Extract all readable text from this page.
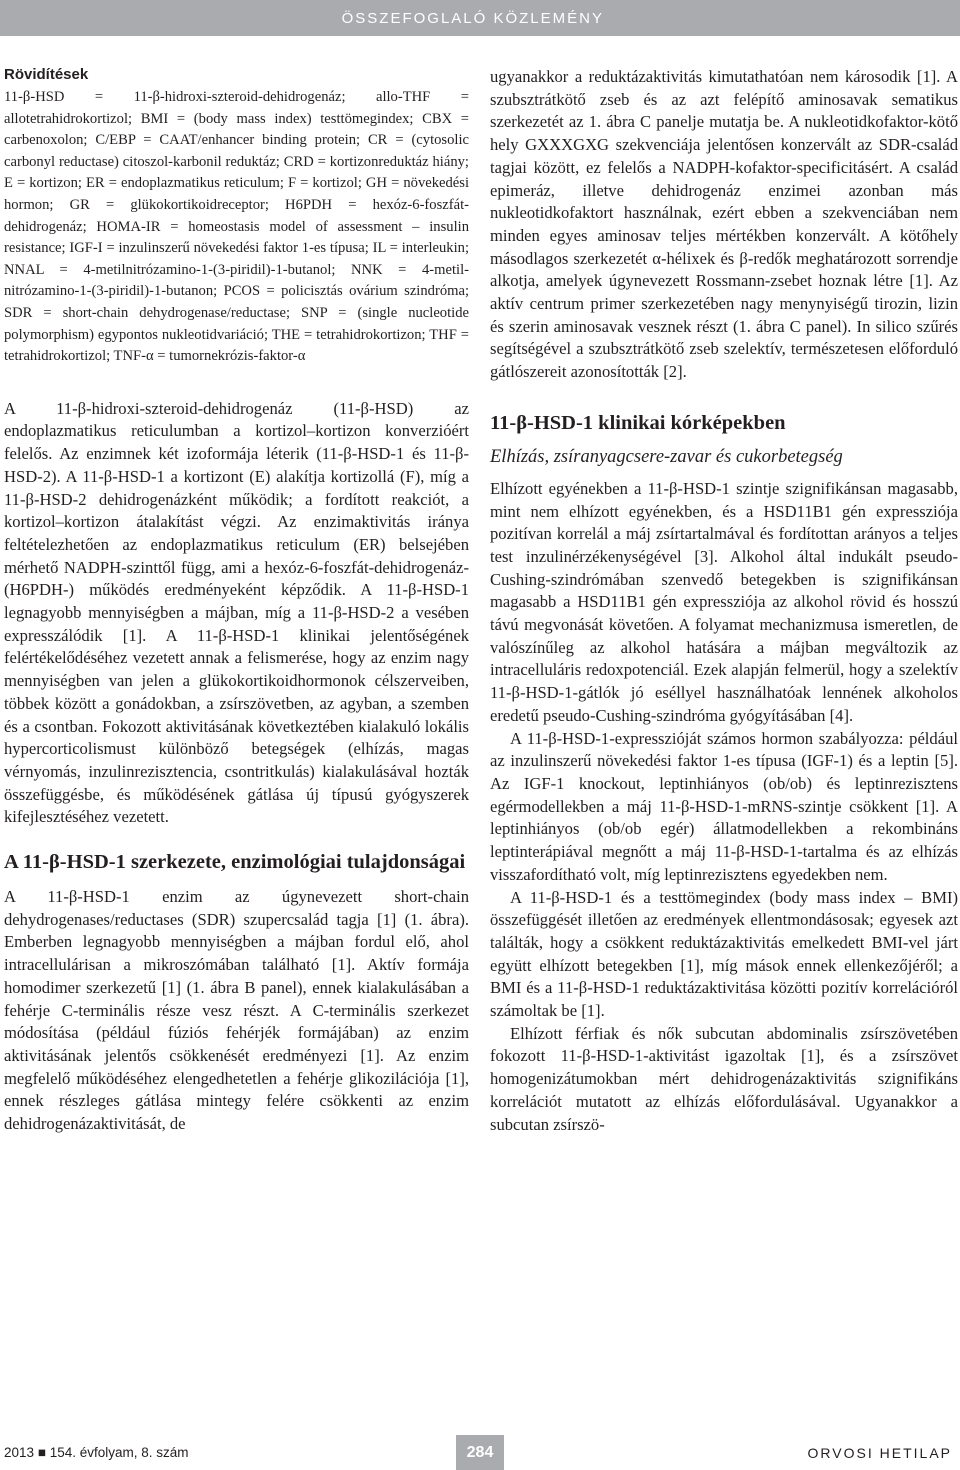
ÖSSZEFOGLALÓ KÖZLEMÉNY
Rövidítések

11-β-HSD = 11-β-hidroxi-szteroid-dehidrogenáz; allo-THF = allotetrahidrokortizol; BMI = (body mass index) testtömegindex; CBX = carbenoxolon; C/EBP = CAAT/enhancer binding protein; CR = (cytosolic carbonyl reductase) citoszol-karbonil reduktáz; CRD = kortizonreduktáz hiány; E = kortizon; ER = endoplazmatikus reticulum; F = kortizol; GH = növekedési hormon; GR = glükokortikoidreceptor; H6PDH = hexóz-6-foszfát-dehidrogenáz; HOMA-IR = homeostasis model of assessment – insulin resistance; IGF-I = inzulinszerű növekedési faktor 1-es típusa; IL = interleukin; NNAL = 4-metilnitrózamino-1-(3-piridil)-1-butanol; NNK = 4-metil-nitrózamino-1-(3-piridil)-1-butanon; PCOS = policisztás ovárium szindróma; SDR = short-chain dehydrogenase/reductase; SNP = (single nucleotide polymorphism) egypontos nukleotidvariáció; THE = tetrahidrokortizon; THF = tetrahidrokortizol; TNF-α = tumornekrózis-faktor-α

A 11-β-hidroxi-szteroid-dehidrogenáz (11-β-HSD) az endoplazmatikus reticulumban a kortizol–kortizon konverzióért felelős. Az enzimnek két izoformája léterik (11-β-HSD-1 és 11-β-HSD-2). A 11-β-HSD-1 a kortizont (E) alakítja kortizollá (F), míg a 11-β-HSD-2 dehidrogenázként működik; a fordított reakciót, a kortizol–kortizon átalakítást végzi. Az enzimaktivitás iránya feltételezhetően az endoplazmatikus reticulum (ER) belsejében mérhető NADPH-szinttől függ, ami a hexóz-6-foszfát-dehidrogenáz- (H6PDH-) működés eredményeként képződik. A 11-β-HSD-1 legnagyobb mennyiségben a májban, míg a 11-β-HSD-2 a vesében expresszálódik [1]. A 11-β-HSD-1 klinikai jelentőségének felértékelődéséhez vezetett annak a felismerése, hogy az enzim nagy mennyiségben van jelen a glükokortikoidhormonok célszerveiben, többek között a gonádokban, a zsírszövetben, az agyban, a szemben és a csontban. Fokozott aktivitásának következtében kialakuló lokális hypercorticolismust különböző betegségek (elhízás, magas vérnyomás, inzulinrezisztencia, csontritkulás) kialakulásával hozták összefüggésbe, és működésének gátlása új típusú gyógyszerek kifejlesztéséhez vezetett.

A 11-β-HSD-1 szerkezete, enzimológiai tulajdonságai

A 11-β-HSD-1 enzim az úgynevezett short-chain dehydrogenases/reductases (SDR) szupercsalád tagja [1] (1. ábra). Emberben legnagyobb mennyiségben a májban fordul elő, ahol intracellulárisan a mikroszómában található [1]. Aktív formája homodimer szerkezetű [1] (1. ábra B panel), ennek kialakulásában a fehérje C-terminális része vesz részt. A C-terminális szerkezet módosítása (például fúziós fehérjék formájában) az enzim aktivitásának jelentős csökkenését eredményezi [1]. Az enzim megfelelő működéséhez elengedhetetlen a fehérje glikozilációja [1], ennek részleges gátlása mintegy felére csökkenti az enzim dehidrogenázaktivitását, de

ugyanakkor a reduktázaktivitás kimutathatóan nem károsodik [1]. A szubsztrátkötő zseb és az azt felépítő aminosavak sematikus szerkezetét az 1. ábra C panelje mutatja be. A nukleotidkofaktor-kötő hely GXXXGXG szekvenciája jelentősen konzervált az SDR-család tagjai között, ez felelős a NADPH-kofaktor-specificitásért. A család epimeráz, illetve dehidrogenáz enzimei azonban más nukleotidkofaktort használnak, ezért ebben a szekvenciában nem minden egyes aminosav teljes mértékben konzervált. A kötőhely másodlagos szerkezetét α-hélixek és β-redők meghatározott sorrendje alkotja, amelyek úgynevezett Rossmann-zsebet hoznak létre [1]. Az aktív centrum primer szerkezetében nagy menynyiségű tirozin, lizin és szerin aminosavak vesznek részt (1. ábra C panel). In silico szűrés segítségével a szubsztrátkötő zseb szelektív, természetesen előforduló gátlószereit azonosították [2].

11-β-HSD-1 klinikai kórképekben
Elhízás, zsíranyagcsere-zavar és cukorbetegség

Elhízott egyénekben a 11-β-HSD-1 szintje szignifikánsan magasabb, mint nem elhízott egyénekben, és a HSD11B1 gén expressziója pozitívan korrelál a máj zsírtartalmával és fordítottan arányos a teljes test inzulinérzékenységével [3]. Alkohol által indukált pseudo-Cushing-szindrómában szenvedő betegekben is szignifikánsan magasabb a HSD11B1 gén expressziója az alkohol rövid és hosszú távú megvonását követően. A folyamat mechanizmusa ismeretlen, de valószínűleg az alkohol hatására a májban megváltozik az intracelluláris redoxpotenciál. Ezek alapján felmerül, hogy a szelektív 11-β-HSD-1-gátlók jó eséllyel használhatóak lennének alkoholos eredetű pseudo-Cushing-szindróma gyógyításában [4].

A 11-β-HSD-1-expresszióját számos hormon szabályozza: például az inzulinszerű növekedési faktor 1-es típusa (IGF-1) és a leptin [5]. Az IGF-1 knockout, leptinhiányos (ob/ob) és leptinrezisztens egérmodellekben a máj 11-β-HSD-1-mRNS-szintje csökkent [1]. A leptinhiányos (ob/ob egér) állatmodellekben a rekombináns leptinterápiával megnőtt a máj 11-β-HSD-1-tartalma és az elhízás visszafordítható volt, míg leptinrezisztens egyedekben nem.

A 11-β-HSD-1 és a testtömegindex (body mass index – BMI) összefüggését illetően az eredmények ellentmondásosak; egyesek azt találták, hogy a csökkent reduktázaktivitás emelkedett BMI-vel járt együtt elhízott betegekben [1], míg mások ennek ellenkezőjéről; a BMI és a 11-β-HSD-1 reduktázaktivitása közötti pozitív korrelációról számoltak be [1].

Elhízott férfiak és nők subcutan abdominalis zsírszövetében fokozott 11-β-HSD-1-aktivitást igazoltak [1], és a zsírszövet homogenizátumokban mért dehidrogenázaktivitás szignifikáns korrelációt mutatott az elhízás előfordulásával. Ugyanakkor a subcutan zsírszö-

2013 ■ 154. évfolyam, 8. szám	284	ORVOSI HETILAP
